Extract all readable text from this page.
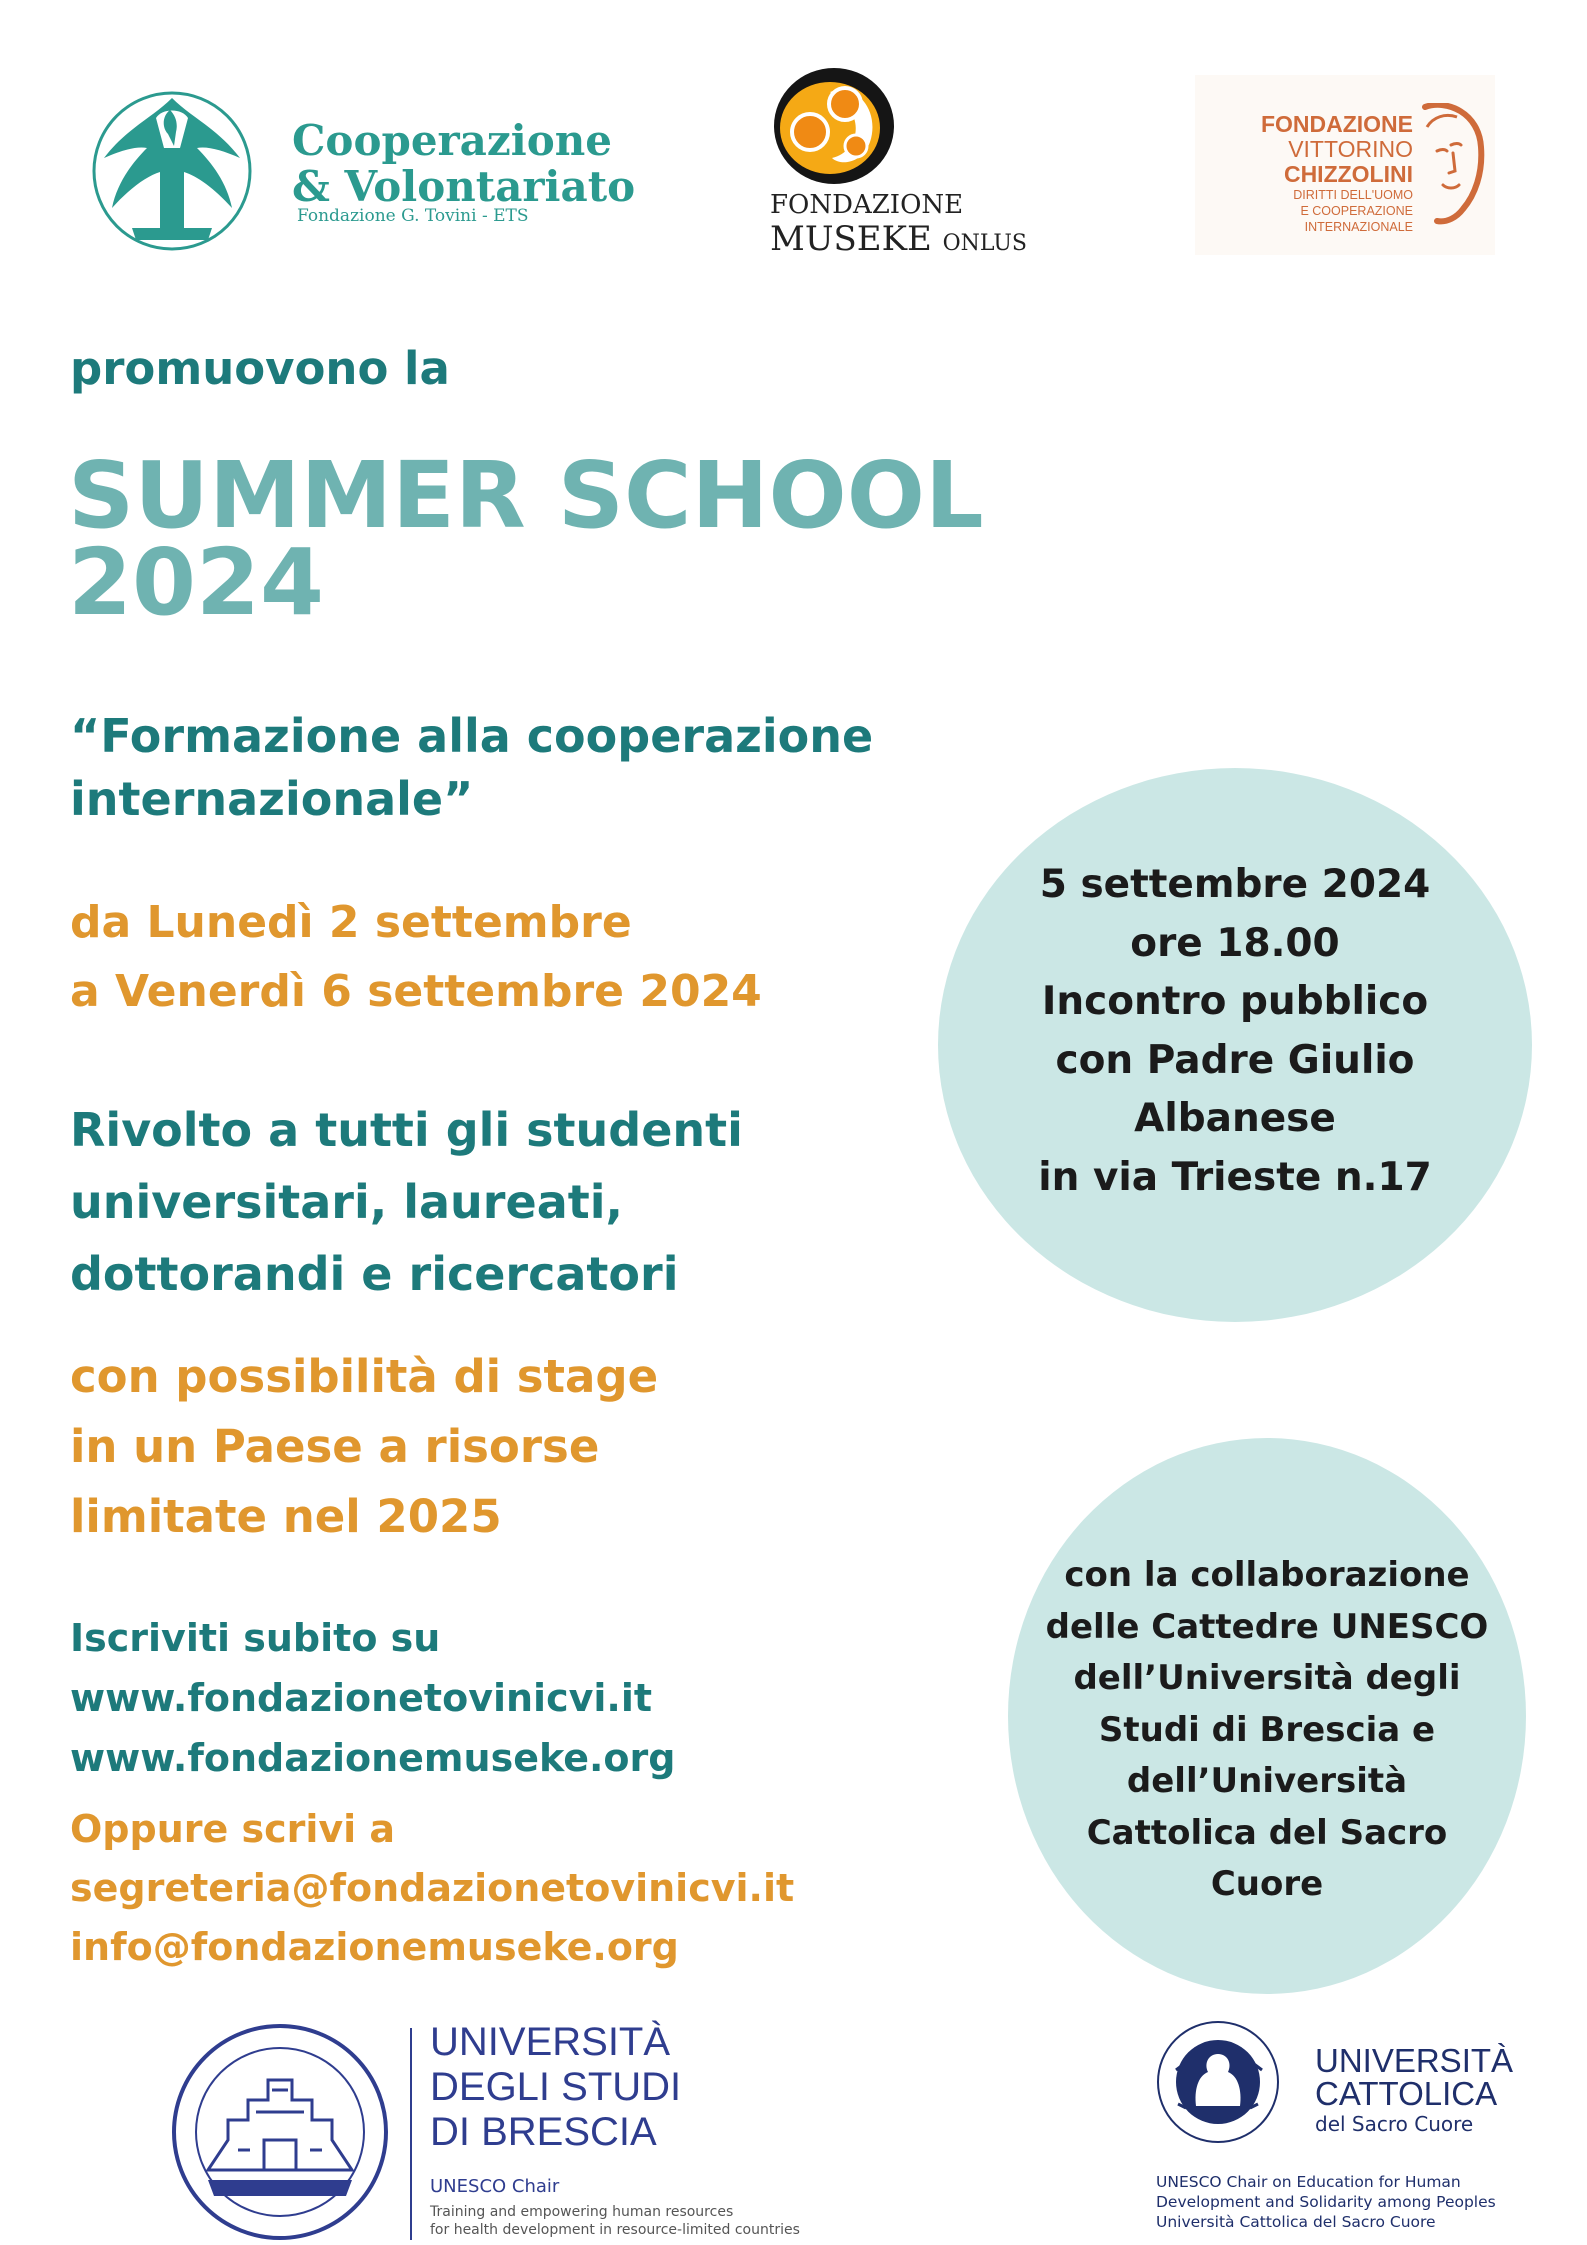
Cooperazione
& Volontariato
Fondazione G. Tovini - ETS	FONDAZIONE
MUSEKE ONLUS
FONDAZIONE
VITTORINO
CHIZZOLINI
DIRITTI DELL'UOMO
E COOPERAZIONE
INTERNAZIONALE
promuovono la
SUMMER SCHOOL
2024
“Formazione alla cooperazione
internazionale”
da Lunedì 2 settembre
a Venerdì 6 settembre 2024
Rivolto a tutti gli studenti
universitari, laureati,
dottorandi e ricercatori
con possibilità di stage
in un Paese a risorse
limitate nel 2025
Iscriviti subito su
www.fondazionetovinicvi.it
www.fondazionemuseke.org
Oppure scrivi a
segreteria@fondazionetovinicvi.it
info@fondazionemuseke.org
5 settembre 2024
ore 18.00
Incontro pubblico
con Padre Giulio
Albanese
in via Trieste n.17
con la collaborazione
delle Cattedre UNESCO
dell’Università degli
Studi di Brescia e
dell’Università
Cattolica del Sacro
Cuore
UNIVERSITÀ
DEGLI STUDI
DI BRESCIA
UNESCO Chair
Training and empowering human resources
for health development in resource-limited countries
UNIVERSITÀ
CATTOLICA
del Sacro Cuore
UNESCO Chair on Education for Human
Development and Solidarity among Peoples
Università Cattolica del Sacro Cuore
